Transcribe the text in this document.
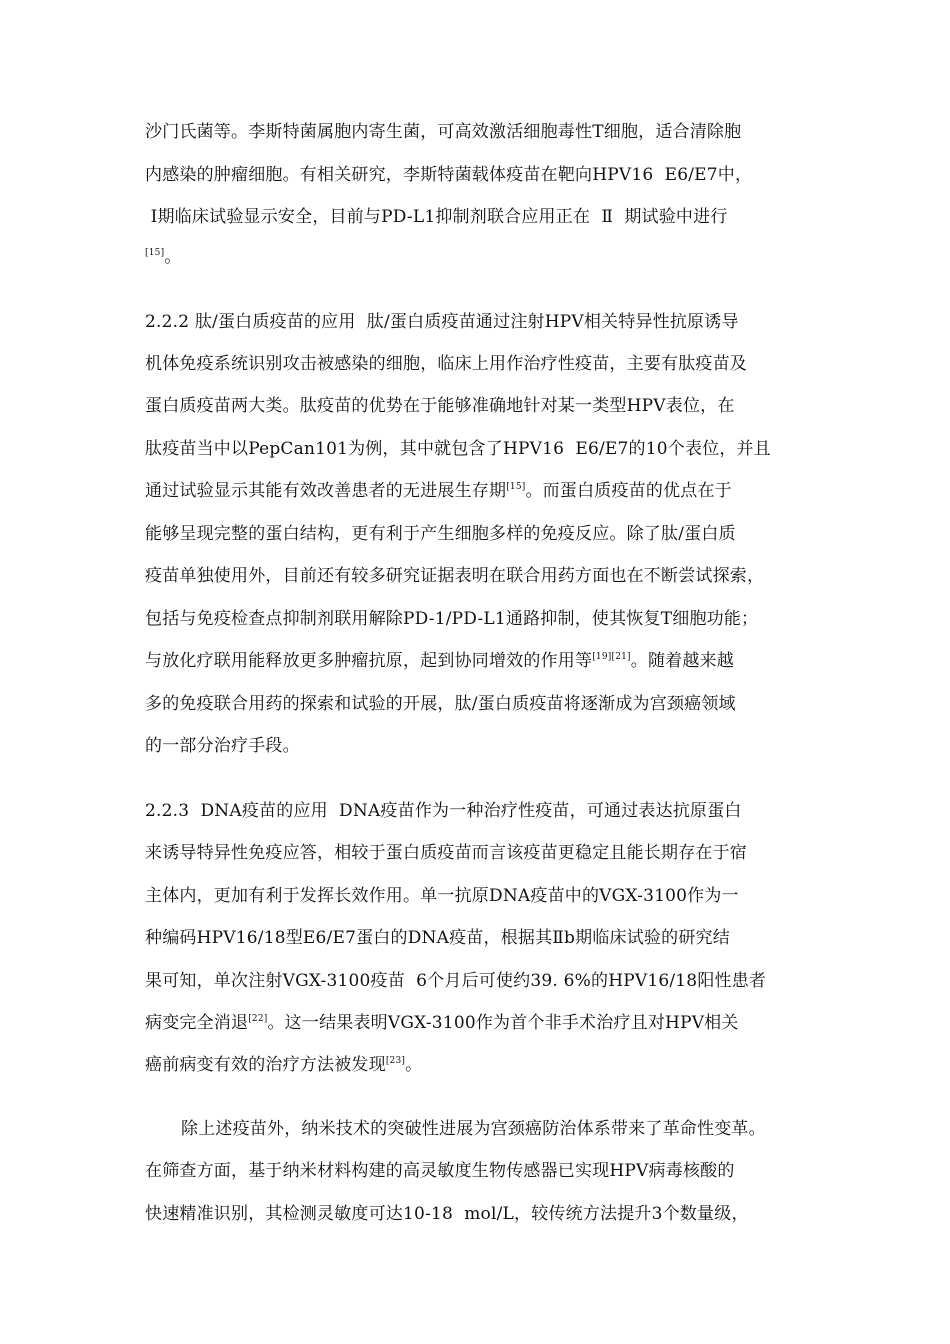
沙门氏菌等。李斯特菌属胞内寄生菌，可高效激活细胞毒性T细胞，适合清除胞
内感染的肿瘤细胞。有相关研究，李斯特菌载体疫苗在靶向HPV16  E6/E7中，
Ⅰ期临床试验显示安全，目前与PD-L1抑制剂联合应用正在  Ⅱ  期试验中进行
[15]。
2.2.2 肽/蛋白质疫苗的应用  肽/蛋白质疫苗通过注射HPV相关特异性抗原诱导
机体免疫系统识别攻击被感染的细胞，临床上用作治疗性疫苗，主要有肽疫苗及
蛋白质疫苗两大类。肽疫苗的优势在于能够准确地针对某一类型HPV表位，在
肽疫苗当中以PepCan101为例，其中就包含了HPV16  E6/E7的10个表位，并且
通过试验显示其能有效改善患者的无进展生存期[15]。而蛋白质疫苗的优点在于
能够呈现完整的蛋白结构，更有利于产生细胞多样的免疫反应。除了肽/蛋白质
疫苗单独使用外，目前还有较多研究证据表明在联合用药方面也在不断尝试探索，
包括与免疫检查点抑制剂联用解除PD-1/PD-L1通路抑制，使其恢复T细胞功能；
与放化疗联用能释放更多肿瘤抗原，起到协同增效的作用等[19][21]。随着越来越
多的免疫联合用药的探索和试验的开展，肽/蛋白质疫苗将逐渐成为宫颈癌领域
的一部分治疗手段。
2.2.3  DNA疫苗的应用  DNA疫苗作为一种治疗性疫苗，可通过表达抗原蛋白
来诱导特异性免疫应答，相较于蛋白质疫苗而言该疫苗更稳定且能长期存在于宿
主体内，更加有利于发挥长效作用。单一抗原DNA疫苗中的VGX-3100作为一
种编码HPV16/18型E6/E7蛋白的DNA疫苗，根据其Ⅱb期临床试验的研究结
果可知，单次注射VGX-3100疫苗  6个月后可使约39. 6%的HPV16/18阳性患者
病变完全消退[22]。这一结果表明VGX-3100作为首个非手术治疗且对HPV相关
癌前病变有效的治疗方法被发现[23]。
除上述疫苗外，纳米技术的突破性进展为宫颈癌防治体系带来了革命性变革。
在筛查方面，基于纳米材料构建的高灵敏度生物传感器已实现HPV病毒核酸的
快速精准识别，其检测灵敏度可达10-18  mol/L，较传统方法提升3个数量级，
